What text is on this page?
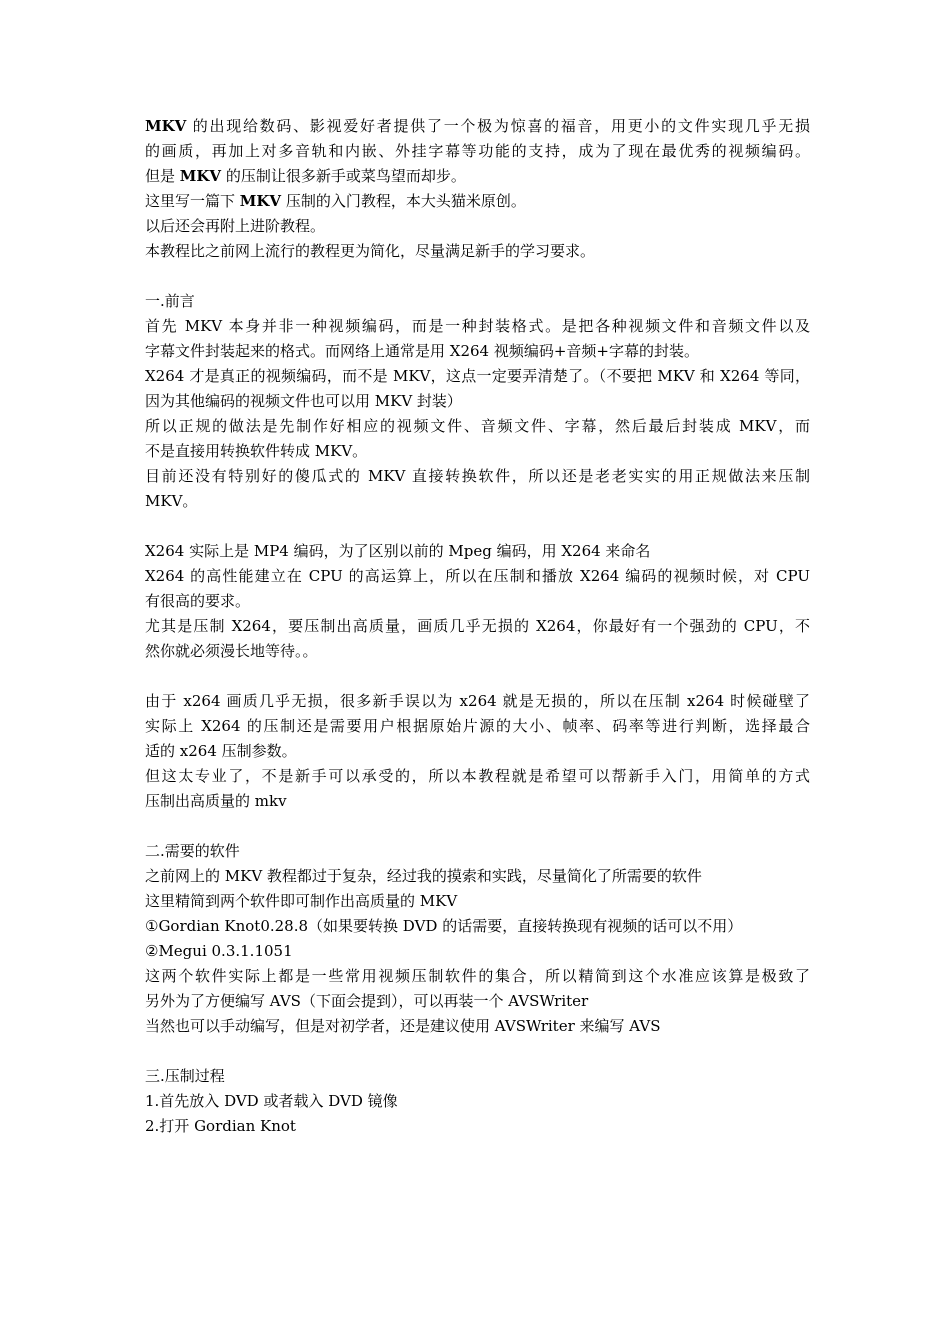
MKV 的出现给数码、影视爱好者提供了一个极为惊喜的福音，用更小的文件实现几乎无损
的画质，再加上对多音轨和内嵌、外挂字幕等功能的支持，成为了现在最优秀的视频编码。
但是 MKV 的压制让很多新手或菜鸟望而却步。
这里写一篇下 MKV 压制的入门教程，本大头猫米原创。
以后还会再附上进阶教程。
本教程比之前网上流行的教程更为简化，尽量满足新手的学习要求。
一.前言
首先 MKV 本身并非一种视频编码，而是一种封装格式。是把各种视频文件和音频文件以及
字幕文件封装起来的格式。而网络上通常是用 X264 视频编码+音频+字幕的封装。
X264 才是真正的视频编码，而不是 MKV，这点一定要弄清楚了。（不要把 MKV 和 X264 等同，
因为其他编码的视频文件也可以用 MKV 封装）
所以正规的做法是先制作好相应的视频文件、音频文件、字幕，然后最后封装成 MKV，而
不是直接用转换软件转成 MKV。
目前还没有特别好的傻瓜式的 MKV 直接转换软件，所以还是老老实实的用正规做法来压制
MKV。
X264 实际上是 MP4 编码，为了区别以前的 Mpeg 编码，用 X264 来命名
X264 的高性能建立在 CPU 的高运算上，所以在压制和播放 X264 编码的视频时候，对 CPU
有很高的要求。
尤其是压制 X264，要压制出高质量，画质几乎无损的 X264，你最好有一个强劲的 CPU，不
然你就必须漫长地等待。。
由于 x264 画质几乎无损，很多新手误以为 x264 就是无损的，所以在压制 x264 时候碰壁了
实际上 X264 的压制还是需要用户根据原始片源的大小、帧率、码率等进行判断，选择最合
适的 x264 压制参数。
但这太专业了，不是新手可以承受的，所以本教程就是希望可以帮新手入门，用简单的方式
压制出高质量的 mkv
二.需要的软件
之前网上的 MKV 教程都过于复杂，经过我的摸索和实践，尽量简化了所需要的软件
这里精简到两个软件即可制作出高质量的 MKV
①Gordian Knot0.28.8（如果要转换 DVD 的话需要，直接转换现有视频的话可以不用）
②Megui 0.3.1.1051
这两个软件实际上都是一些常用视频压制软件的集合，所以精简到这个水准应该算是极致了
另外为了方便编写 AVS（下面会提到），可以再装一个 AVSWriter
当然也可以手动编写，但是对初学者，还是建议使用 AVSWriter 来编写 AVS
三.压制过程
1.首先放入 DVD 或者载入 DVD 镜像
2.打开 Gordian Knot
